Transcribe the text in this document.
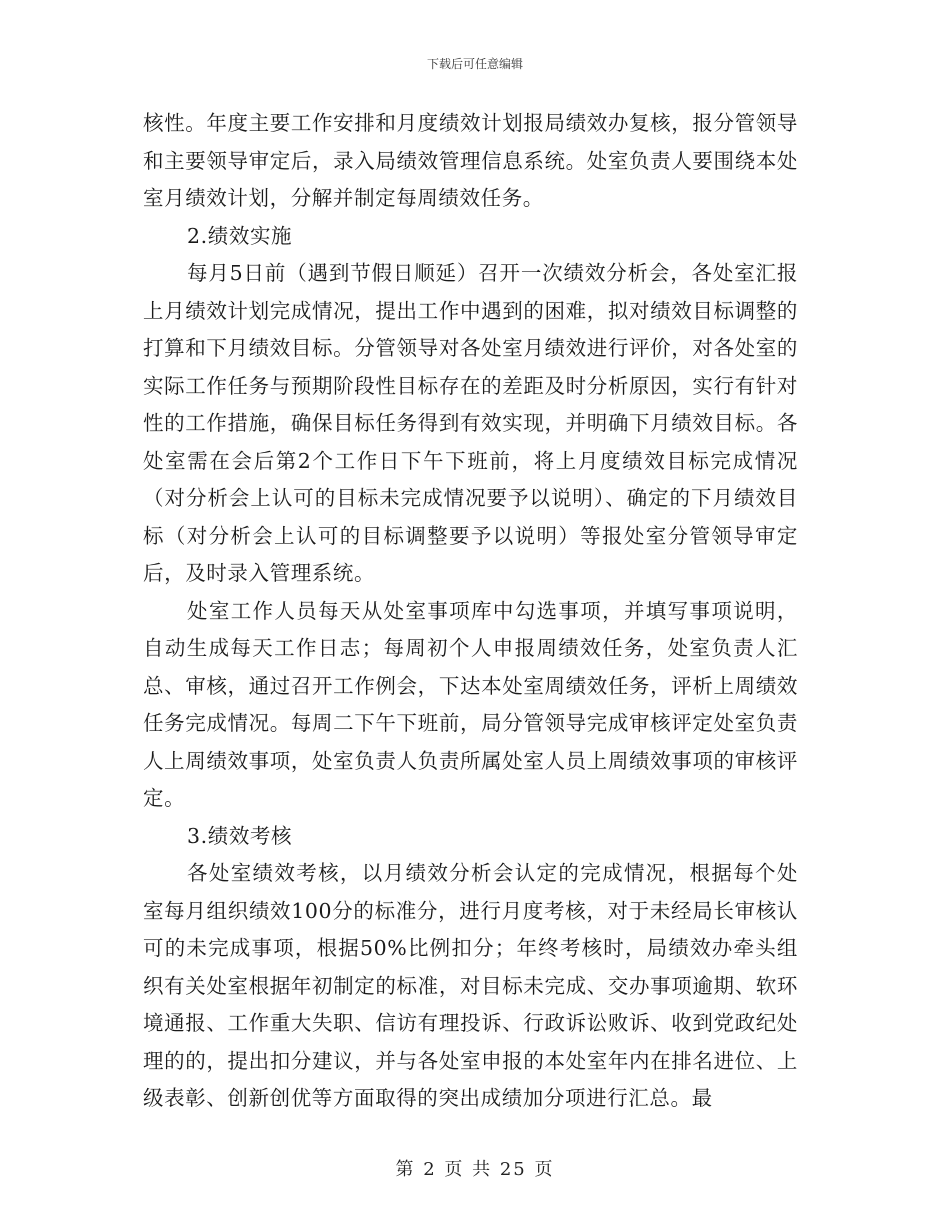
下载后可任意编辑

核性。年度主要工作安排和月度绩效计划报局绩效办复核，报分管领导和主要领导审定后，录入局绩效管理信息系统。处室负责人要围绕本处室月绩效计划，分解并制定每周绩效任务。

2.绩效实施

每月5日前（遇到节假日顺延）召开一次绩效分析会，各处室汇报上月绩效计划完成情况，提出工作中遇到的困难，拟对绩效目标调整的打算和下月绩效目标。分管领导对各处室月绩效进行评价，对各处室的实际工作任务与预期阶段性目标存在的差距及时分析原因，实行有针对性的工作措施，确保目标任务得到有效实现，并明确下月绩效目标。各处室需在会后第2个工作日下午下班前，将上月度绩效目标完成情况（对分析会上认可的目标未完成情况要予以说明）、确定的下月绩效目标（对分析会上认可的目标调整要予以说明）等报处室分管领导审定后，及时录入管理系统。

处室工作人员每天从处室事项库中勾选事项，并填写事项说明，自动生成每天工作日志；每周初个人申报周绩效任务，处室负责人汇总、审核，通过召开工作例会，下达本处室周绩效任务，评析上周绩效任务完成情况。每周二下午下班前，局分管领导完成审核评定处室负责人上周绩效事项，处室负责人负责所属处室人员上周绩效事项的审核评定。

3.绩效考核

各处室绩效考核，以月绩效分析会认定的完成情况，根据每个处室每月组织绩效100分的标准分，进行月度考核，对于未经局长审核认可的未完成事项，根据50%比例扣分；年终考核时，局绩效办牵头组织有关处室根据年初制定的标准，对目标未完成、交办事项逾期、软环境通报、工作重大失职、信访有理投诉、行政诉讼败诉、收到党政纪处理的的，提出扣分建议，并与各处室申报的本处室年内在排名进位、上级表彰、创新创优等方面取得的突出成绩加分项进行汇总。最

第 2 页 共 25 页
